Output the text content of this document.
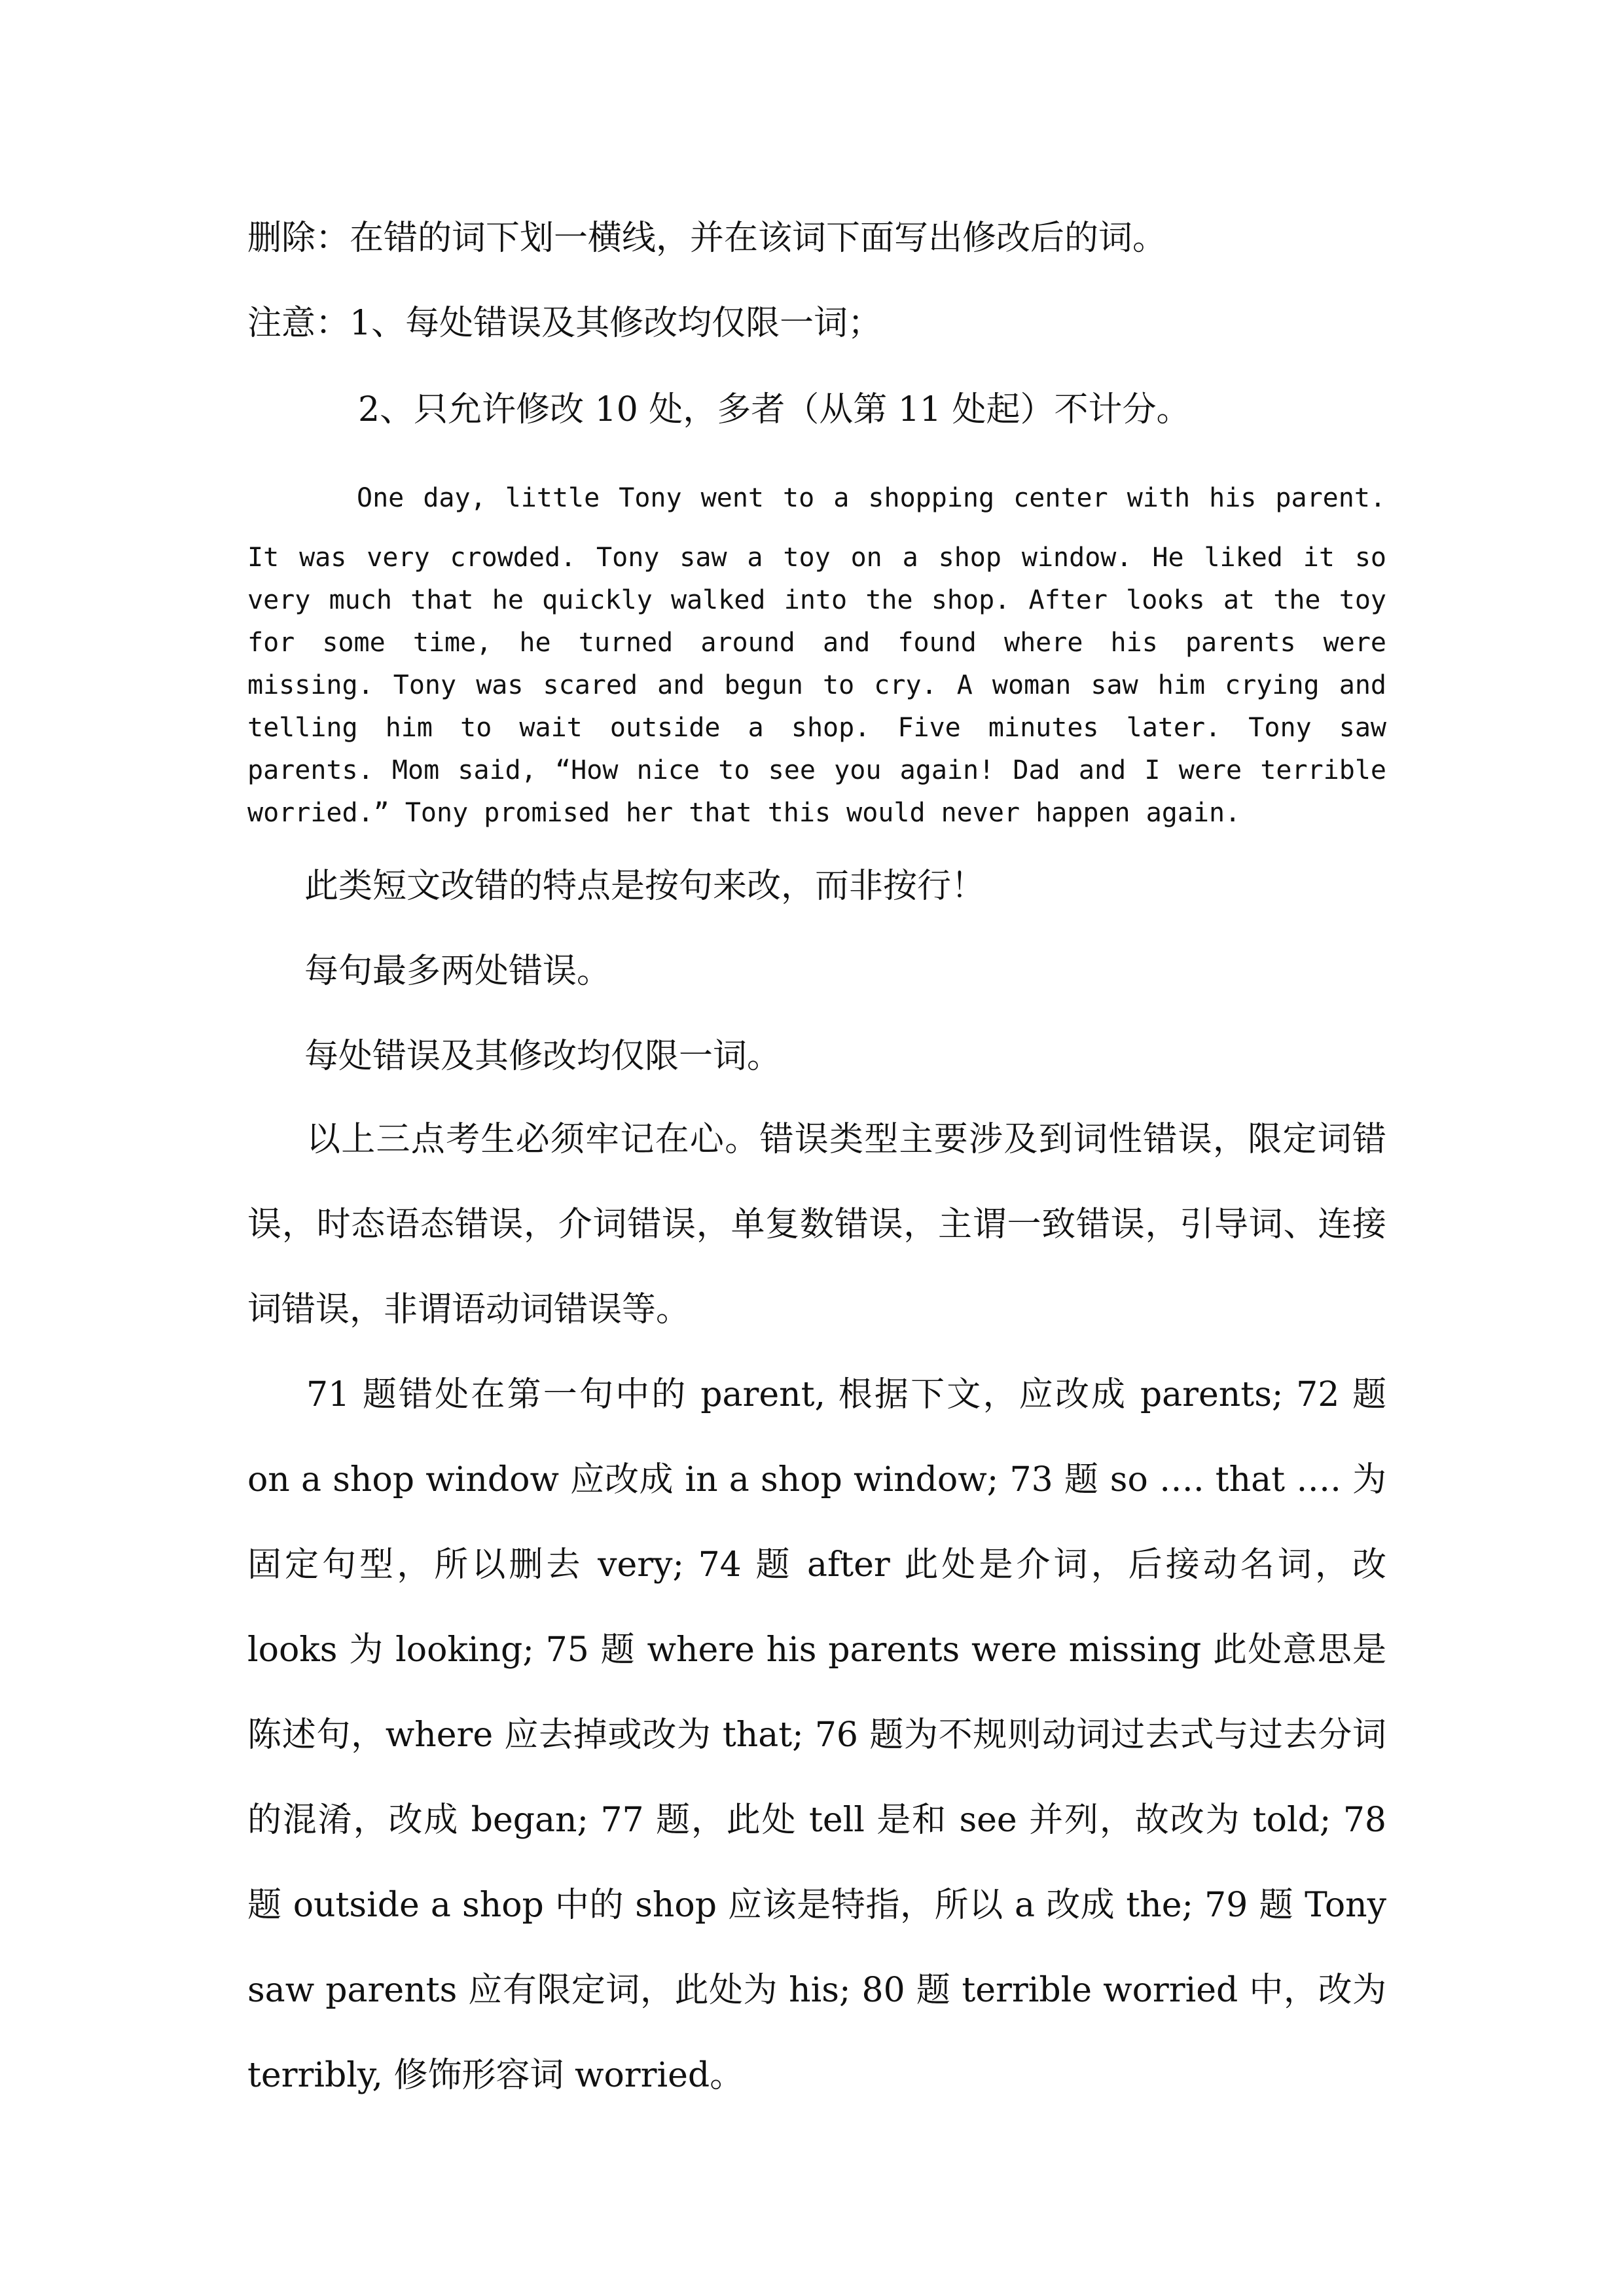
删除：在错的词下划一横线，并在该词下面写出修改后的词。

注意：1、每处错误及其修改均仅限一词；

2、只允许修改 10 处，多者（从第 11 处起）不计分。

One day, little Tony went to a shopping center with his parent.
It was very crowded. Tony saw a toy on a shop window. He liked it so very much that he quickly walked into the shop. After looks at the toy for some time, he turned around and found where his parents were missing. Tony was scared and begun to cry. A woman saw him crying and telling him to wait outside a shop. Five minutes later. Tony saw parents. Mom said, “How nice to see you again! Dad and I were terrible worried.” Tony promised her that this would never happen again.

此类短文改错的特点是按句来改，而非按行！

每句最多两处错误。

每处错误及其修改均仅限一词。

以上三点考生必须牢记在心。错误类型主要涉及到词性错误，限定词错误，时态语态错误，介词错误，单复数错误，主谓一致错误，引导词、连接词错误，非谓语动词错误等。
71 题错处在第一句中的 parent, 根据下文，应改成 parents; 72 题 on a shop window 应改成 in a shop window; 73 题 so …. that …. 为固定句型，所以删去 very; 74 题 after 此处是介词，后接动名词，改 looks 为 looking; 75 题 where his parents were missing 此处意思是陈述句，where 应去掉或改为 that; 76 题为不规则动词过去式与过去分词的混淆，改成 began; 77 题，此处 tell 是和 see 并列，故改为 told; 78 题 outside a shop 中的 shop 应该是特指，所以 a 改成 the; 79 题 Tony saw parents 应有限定词，此处为 his; 80 题 terrible worried 中，改为 terribly, 修饰形容词 worried。
